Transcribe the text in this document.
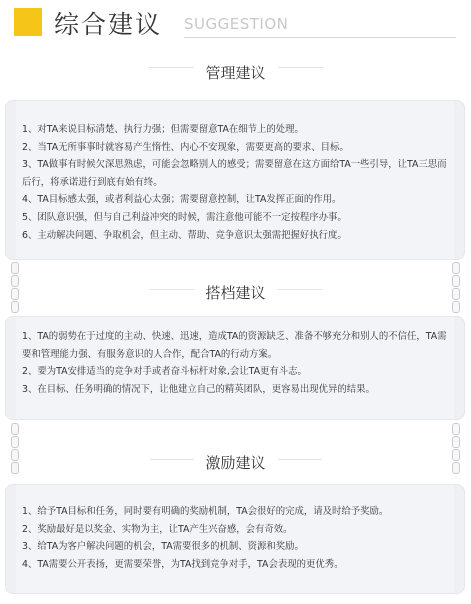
综合建议 SUGGESTION
管理建议
1、对TA来说目标清楚、执行力强；但需要留意TA在细节上的处理。
2、当TA无所事事时就容易产生惰性、内心不安现象，需要更高的要求、目标。
3、TA做事有时候欠深思熟虑，可能会忽略别人的感受；需要留意在这方面给TA一些引导，让TA三思而后行，将承诺进行到底有始有终。
4、TA目标感太强，或者利益心太强；需要留意控制，让TA发挥正面的作用。
5、团队意识强，但与自己利益冲突的时候，需注意他可能不一定按程序办事。
6、主动解决问题、争取机会，但主动、帮助、竞争意识太强需把握好执行度。
搭档建议
1、TA的弱势在于过度的主动、快速、迅速，造成TA的资源缺乏、准备不够充分和别人的不信任，TA需要和管理能力强、有服务意识的人合作，配合TA的行动方案。
2、要为TA安排适当的竞争对手或者奋斗标杆对象,会让TA更有斗志。
3、在目标、任务明确的情况下，让他建立自己的精英团队，更容易出现优异的结果。
激励建议
1、给予TA目标和任务，同时要有明确的奖励机制，TA会很好的完成，请及时给予奖励。
2、奖励最好是以奖金、实物为主，让TA产生兴奋感，会有奇效。
3、给TA为客户解决问题的机会，TA需要很多的机制、资源和奖励。
4、TA需要公开表扬，更需要荣誉，为TA找到竞争对手，TA会表现的更优秀。
